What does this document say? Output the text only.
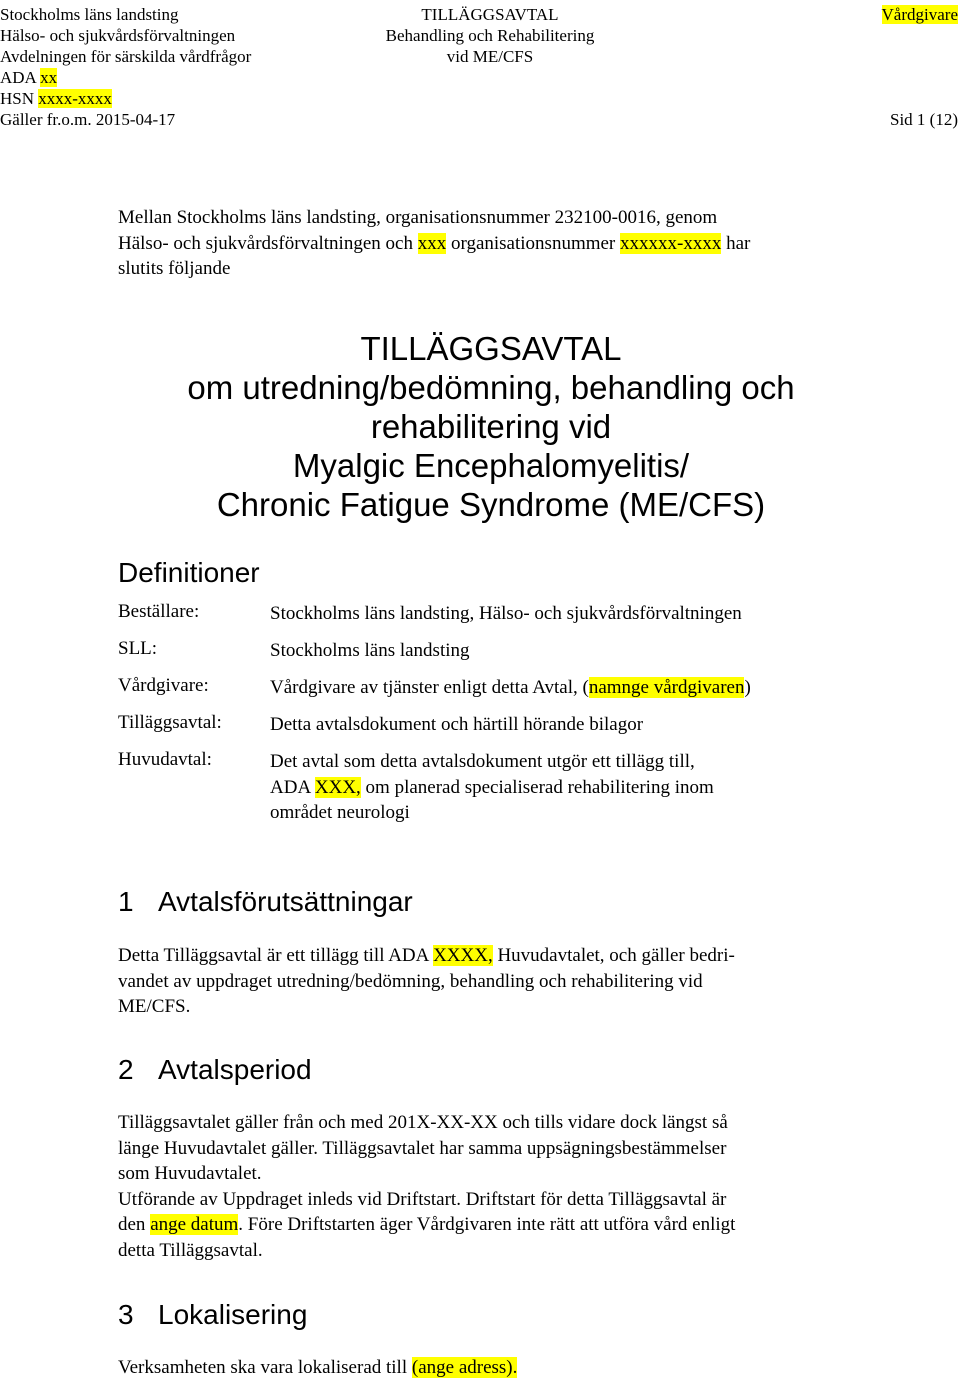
Stockholms läns landsting
Hälso- och sjukvårdsförvaltningen
Avdelningen för särskilda vårdfrågor
ADA xx
HSN xxxx-xxxx
Gäller fr.o.m. 2015-04-17
TILLÄGGSAVTAL
Behandling och Rehabilitering
vid ME/CFS
Vårdgivare
Sid 1 (12)
Mellan Stockholms läns landsting, organisationsnummer 232100-0016, genom
Hälso- och sjukvårdsförvaltningen och xxx organisationsnummer xxxxxx-xxxx har
slutits följande
TILLÄGGSAVTAL
om utredning/bedömning, behandling och
rehabilitering vid
Myalgic Encephalomyelitis/
Chronic Fatigue Syndrome (ME/CFS)
Definitioner
Beställare:	Stockholms läns landsting, Hälso- och sjukvårdsförvaltningen
SLL:	Stockholms läns landsting
Vårdgivare:	Vårdgivare av tjänster enligt detta Avtal, (namnge vårdgivaren)
Tilläggsavtal:	Detta avtalsdokument och härtill hörande bilagor
Huvudavtal:	Det avtal som detta avtalsdokument utgör ett tillägg till,
ADA XXX, om planerad specialiserad rehabilitering inom
området neurologi
1 Avtalsförutsättningar
Detta Tilläggsavtal är ett tillägg till ADA XXXX, Huvudavtalet, och gäller bedri-
vandet av uppdraget utredning/bedömning, behandling och rehabilitering vid
ME/CFS.
2 Avtalsperiod
Tilläggsavtalet gäller från och med 201X-XX-XX och tills vidare dock längst så
länge Huvudavtalet gäller. Tilläggsavtalet har samma uppsägningsbestämmelser
som Huvudavtalet.
Utförande av Uppdraget inleds vid Driftstart. Driftstart för detta Tilläggsavtal är
den ange datum. Före Driftstarten äger Vårdgivaren inte rätt att utföra vård enligt
detta Tilläggsavtal.
3 Lokalisering
Verksamheten ska vara lokaliserad till (ange adress).
